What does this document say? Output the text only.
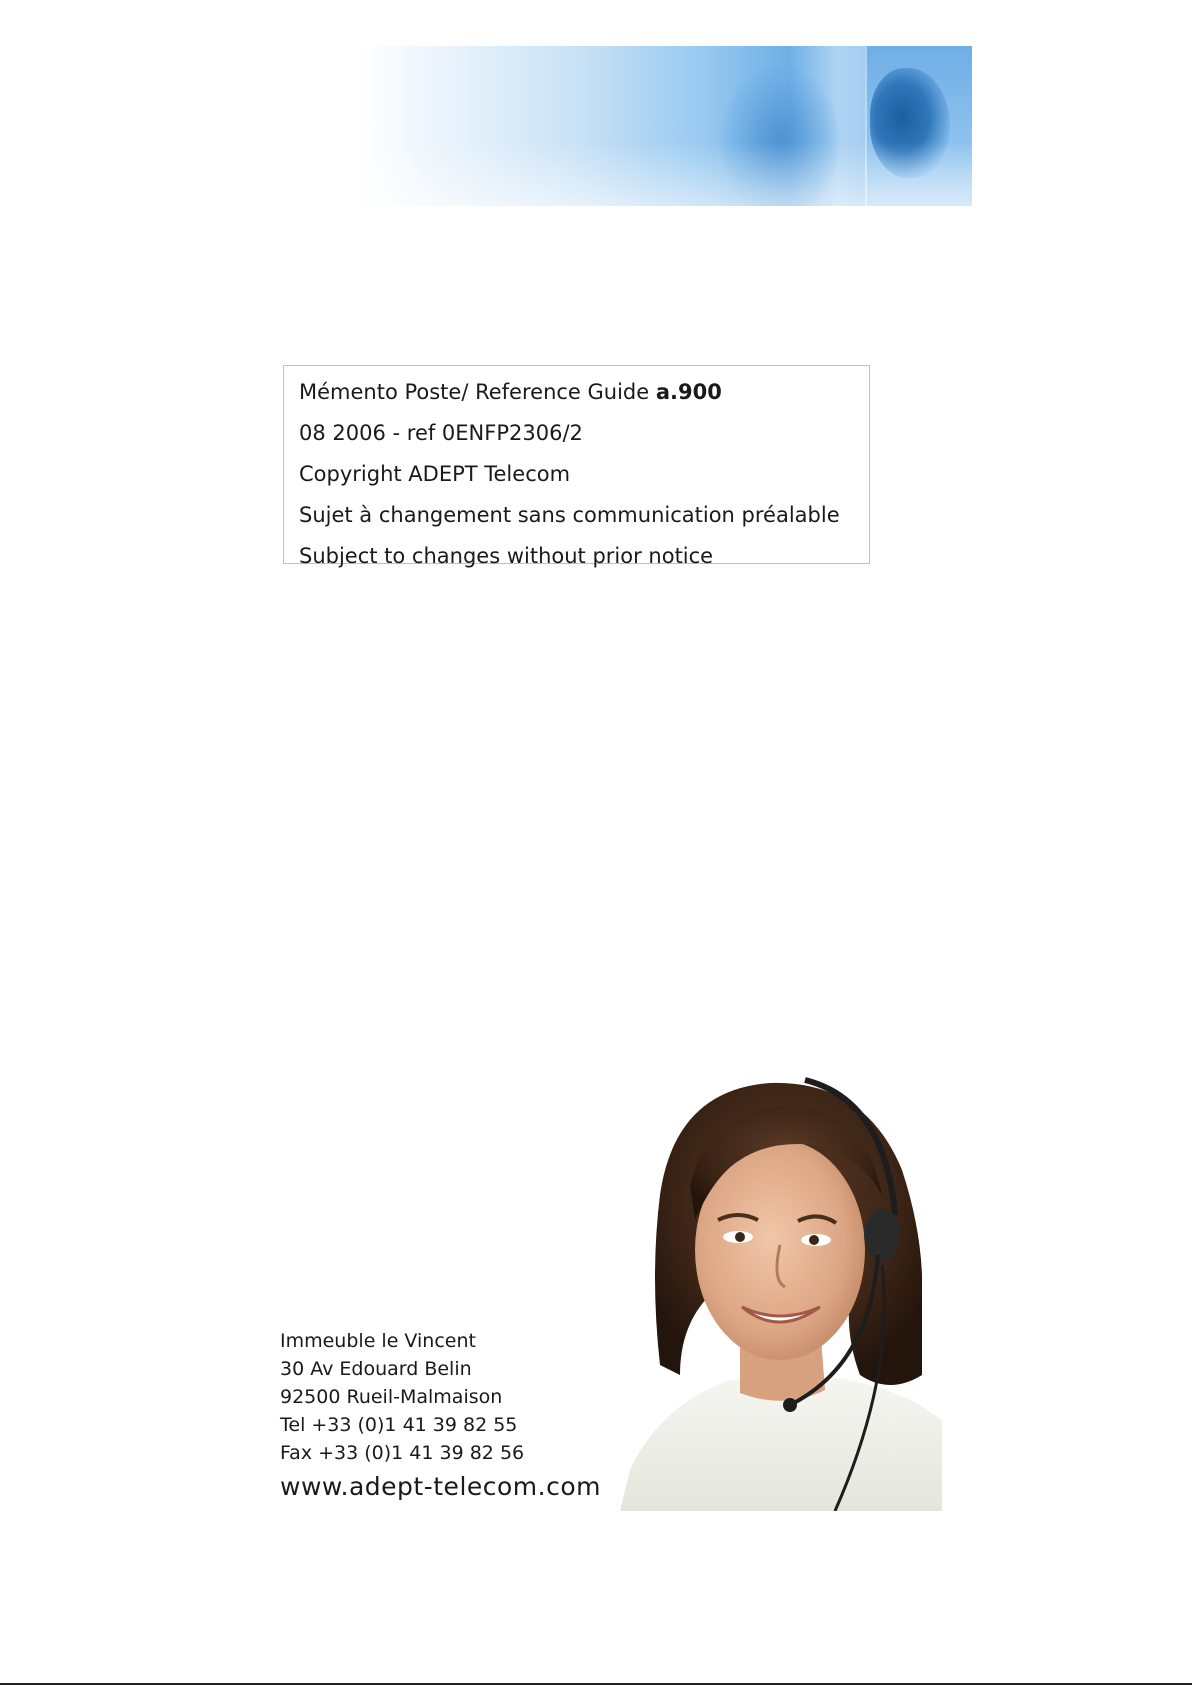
Mémento Poste/ Reference Guide a.900
08 2006 - ref 0ENFP2306/2
Copyright ADEPT Telecom
Sujet à changement sans communication préalable
Subject to changes without prior notice
Immeuble le Vincent
30 Av Edouard Belin
92500 Rueil-Malmaison
Tel +33 (0)1 41 39 82 55
Fax +33 (0)1 41 39 82 56
www.adept-telecom.com
